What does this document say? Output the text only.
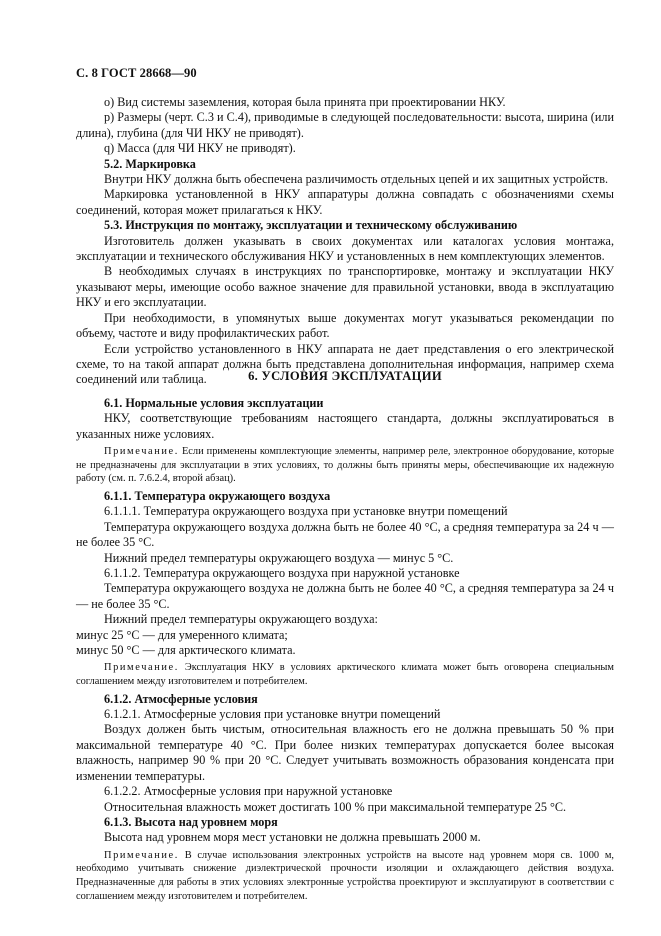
С. 8 ГОСТ 28668—90

о) Вид системы заземления, которая была принята при проектировании НКУ.

р) Размеры (черт. С.3 и С.4), приводимые в следующей последовательности: высота, ширина (или длина), глубина (для ЧИ НКУ не приводят).

q) Масса (для ЧИ НКУ не приводят).

5.2. Маркировка

Внутри НКУ должна быть обеспечена различимость отдельных цепей и их защитных устройств.

Маркировка установленной в НКУ аппаратуры должна совпадать с обозначениями схемы соединений, которая может прилагаться к НКУ.

5.3. Инструкция по монтажу, эксплуатации и техническому обслуживанию

Изготовитель должен указывать в своих документах или каталогах условия монтажа, эксплуатации и технического обслуживания НКУ и установленных в нем комплектующих элементов.

В необходимых случаях в инструкциях по транспортировке, монтажу и эксплуатации НКУ указывают меры, имеющие особо важное значение для правильной установки, ввода в эксплуатацию НКУ и его эксплуатации.

При необходимости, в упомянутых выше документах могут указываться рекомендации по объему, частоте и виду профилактических работ.

Если устройство установленного в НКУ аппарата не дает представления о его электрической схеме, то на такой аппарат должна быть представлена дополнительная информация, например схема соединений или таблица.	6. УСЛОВИЯ ЭКСПЛУАТАЦИИ

6.1. Нормальные условия эксплуатации

НКУ, соответствующие требованиям настоящего стандарта, должны эксплуатироваться в указанных ниже условиях.

Примечание. Если применены комплектующие элементы, например реле, электронное оборудование, которые не предназначены для эксплуатации в этих условиях, то должны быть приняты меры, обеспечивающие их надежную работу (см. п. 7.6.2.4, второй абзац).

6.1.1. Температура окружающего воздуха

6.1.1.1. Температура окружающего воздуха при установке внутри помещений

Температура окружающего воздуха должна быть не более 40 °С, а средняя температура за 24 ч — не более 35 °С.

Нижний предел температуры окружающего воздуха — минус 5 °С.

6.1.1.2. Температура окружающего воздуха при наружной установке

Температура окружающего воздуха не должна быть не более 40 °С, а средняя температура за 24 ч — не более 35 °С.

Нижний предел температуры окружающего воздуха:

минус 25 °С — для умеренного климата;

минус 50 °С — для арктического климата.

Примечание. Эксплуатация НКУ в условиях арктического климата может быть оговорена специальным соглашением между изготовителем и потребителем.

6.1.2. Атмосферные условия

6.1.2.1. Атмосферные условия при установке внутри помещений

Воздух должен быть чистым, относительная влажность его не должна превышать 50 % при максимальной температуре 40 °С. При более низких температурах допускается более высокая влажность, например 90 % при 20 °С. Следует учитывать возможность образования конденсата при изменении температуры.

6.1.2.2. Атмосферные условия при наружной установке

Относительная влажность может достигать 100 % при максимальной температуре 25 °С.

6.1.3. Высота над уровнем моря

Высота над уровнем моря мест установки не должна превышать 2000 м.

Примечание. В случае использования электронных устройств на высоте над уровнем моря св. 1000 м, необходимо учитывать снижение диэлектрической прочности изоляции и охлаждающего действия воздуха. Предназначенные для работы в этих условиях электронные устройства проектируют и эксплуатируют в соответствии с соглашением между изготовителем и потребителем.
